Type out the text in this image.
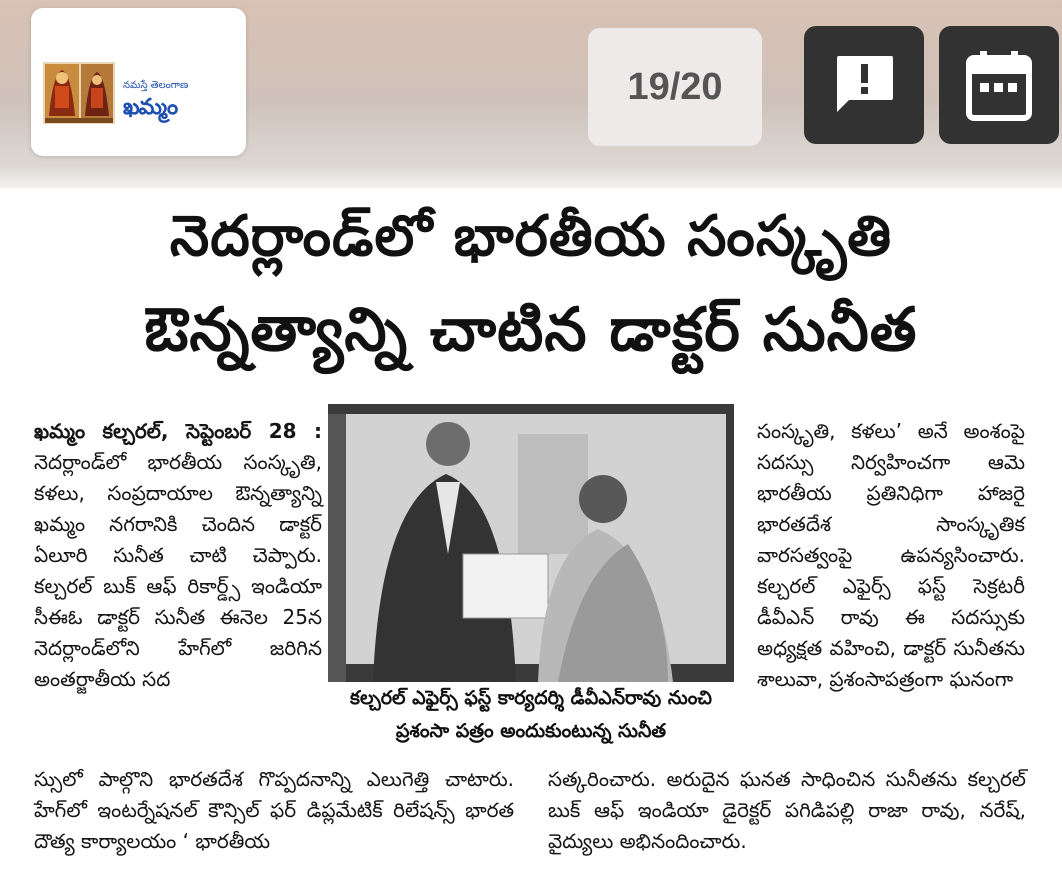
నమస్తే తెలంగాణ
ఖమ్మం	19/20
నెదర్లాండ్‌లో భారతీయ సంస్కృతి
ఔన్నత్యాన్ని చాటిన డాక్టర్ సునీత
ఖమ్మం కల్చరల్, సెప్టెంబర్ 28 : నెదర్లాండ్‌లో భారతీయ సంస్కృతి, కళలు, సంప్రదాయాల ఔన్నత్యాన్ని ఖమ్మం నగరానికి చెందిన డాక్టర్ ఏలూరి సునీత చాటి చెప్పారు. కల్చరల్ బుక్ ఆఫ్ రికార్డ్స్ ఇండియా సీఈఓ డాక్టర్ సునీత ఈనెల 25న నెదర్లాండ్‌లోని హేగ్‌లో జరిగిన అంతర్జాతీయ సద
కల్చరల్ ఎఫైర్స్ ఫస్ట్ కార్యదర్శి డీవీఎన్‌రావు నుంచి ప్రశంసా పత్రం అందుకుంటున్న సునీత
సంస్కృతి, కళలు’ అనే అంశంపై సదస్సు నిర్వహించగా ఆమె భారతీయ ప్రతినిధిగా హాజరై భారతదేశ సాంస్కృతిక వారసత్వంపై ఉపన్యసించారు. కల్చరల్ ఎఫైర్స్ ఫస్ట్ సెక్రటరీ డీవీఎన్ రావు ఈ సదస్సుకు అధ్యక్షత వహించి, డాక్టర్ సునీతను శాలువా, ప్రశంసాపత్రంగా ఘనంగా
స్సులో పాల్గొని భారతదేశ గొప్పదనాన్ని ఎలుగెత్తి చాటారు. హేగ్‌లో ఇంటర్నేషనల్ కౌన్సిల్ ఫర్ డిప్లమేటిక్ రిలేషన్స్ భారత దౌత్య కార్యాలయం ‘ భారతీయ
సత్కరించారు. అరుదైన ఘనత సాధించిన సునీతను కల్చరల్ బుక్ ఆఫ్ ఇండియా డైరెక్టర్ పగిడిపల్లి రాజా రావు, నరేష్, వైద్యులు అభినందించారు.
